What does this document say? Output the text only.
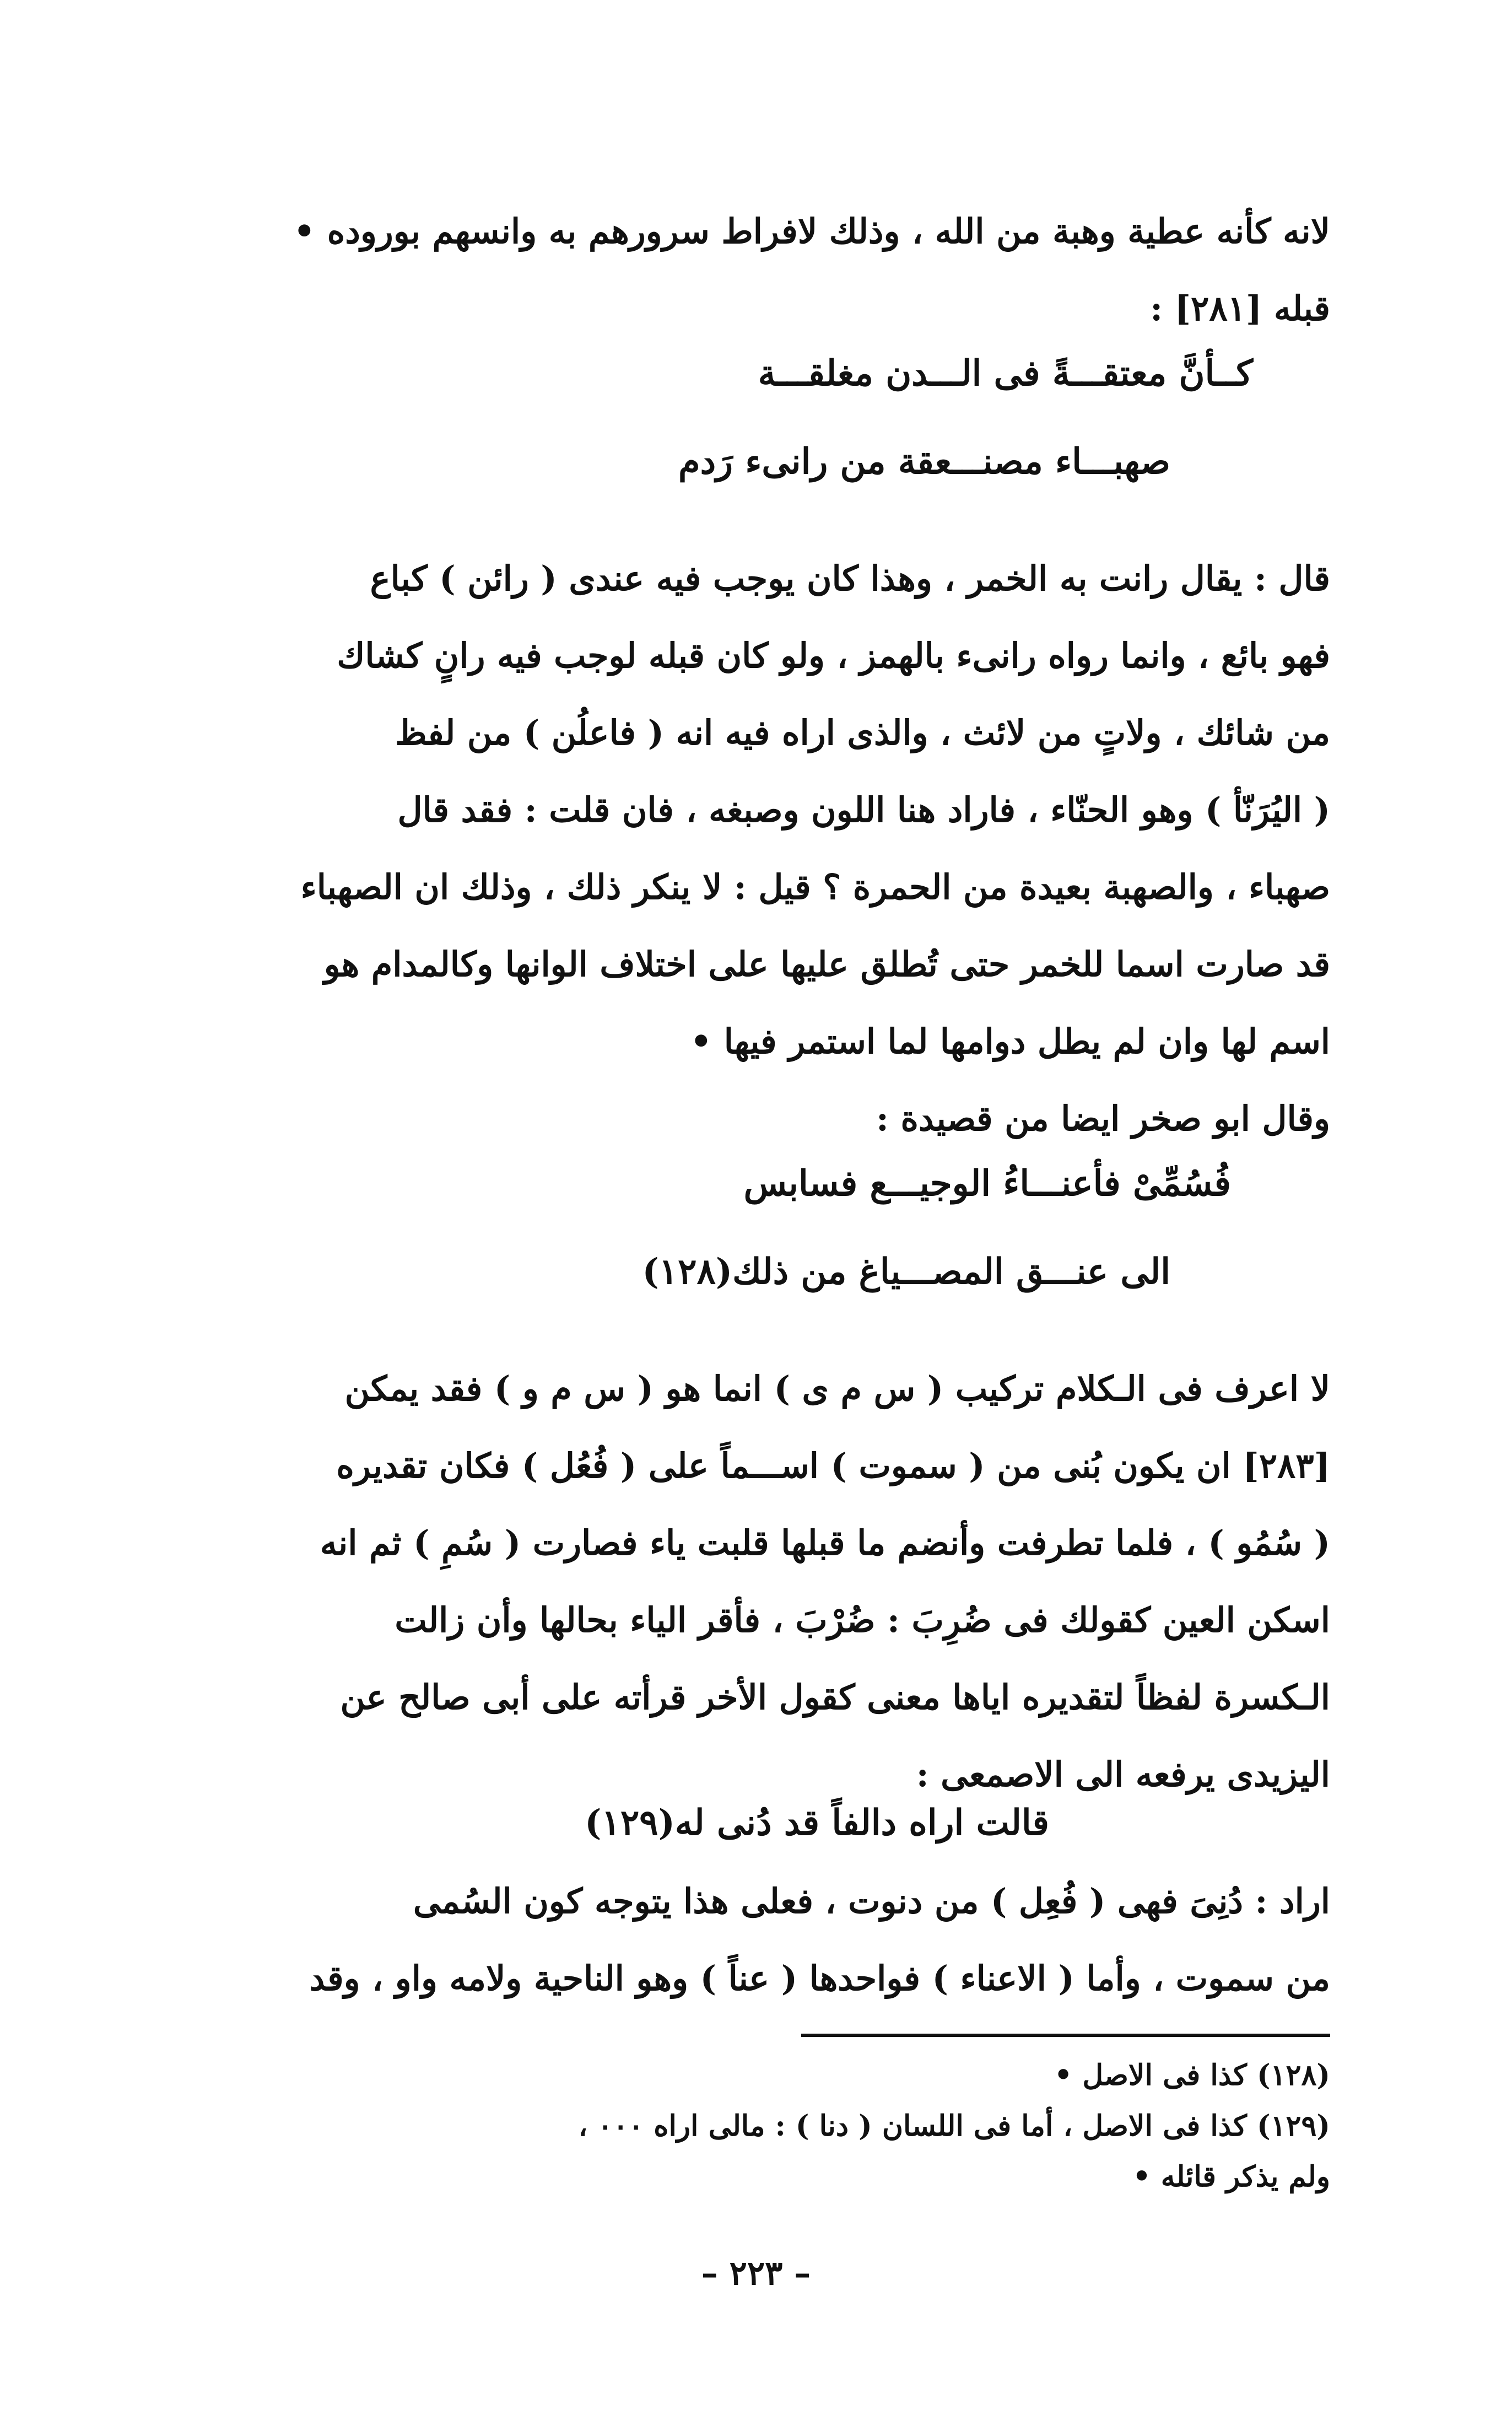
لانه كأنه عطية وهبة من الله ، وذلك لافراط سرورهم به وانسهم بوروده •
قبله [٢٨١] :
كــأنَّ معتقـــةً فى الـــدن مغلقـــة
صهبـــاء مصنـــعقة من رانىء رَدم
قال : يقال رانت به الخمر ، وهذا كان يوجب فيه عندى ( رائن ) كباع
فهو بائع ، وانما رواه رانىء بالهمز ، ولو كان قبله لوجب فيه رانٍ كشاك
من شائك ، ولاتٍ من لائث ، والذى اراه فيه انه ( فاعلُن ) من لفظ
( اليُرَنّأ ) وهو الحنّاء ، فاراد هنا اللون وصبغه ، فان قلت : فقد قال
صهباء ، والصهبة بعيدة من الحمرة ؟ قيل : لا ينكر ذلك ، وذلك ان الصهباء
قد صارت اسما للخمر حتى تُطلق عليها على اختلاف الوانها وكالمدام هو
اسم لها وان لم يطل دوامها لما استمر فيها •
وقال ابو صخر ايضا من قصيدة :
فُسُمِّىْ فأعنـــاءُ الوجيـــع فسابس
الى عنـــق المصـــياغ من ذلك(١٢٨)
لا اعرف فى الـكلام تركيب ( س م ى ) انما هو ( س م و ) فقد يمكن
[٢٨٣] ان يكون بُنى من ( سموت ) اســـماً على ( فُعُل ) فكان تقديره
( سُمُو ) ، فلما تطرفت وأنضم ما قبلها قلبت ياء فصارت ( سُمِ ) ثم انه
اسكن العين كقولك فى ضُرِبَ : ضُرْبَ ، فأقر الياء بحالها وأن زالت
الـكسرة لفظاً لتقديره اياها معنى كقول الأخر قرأته على أبى صالح عن
اليزيدى يرفعه الى الاصمعى :
قالت اراه دالفاً قد دُنى له(١٢٩)
اراد : دُنِىَ فهى ( فُعِل ) من دنوت ، فعلى هذا يتوجه كون السُمى
من سموت ، وأما ( الاعناء ) فواحدها ( عناً ) وهو الناحية ولامه واو ، وقد
(١٢٨) كذا فى الاصل •
(١٢٩) كذا فى الاصل ، أما فى اللسان ( دنا ) : مالى اراه ٠٠٠ ،
ولم يذكر قائله •
– ٢٢٣ –
